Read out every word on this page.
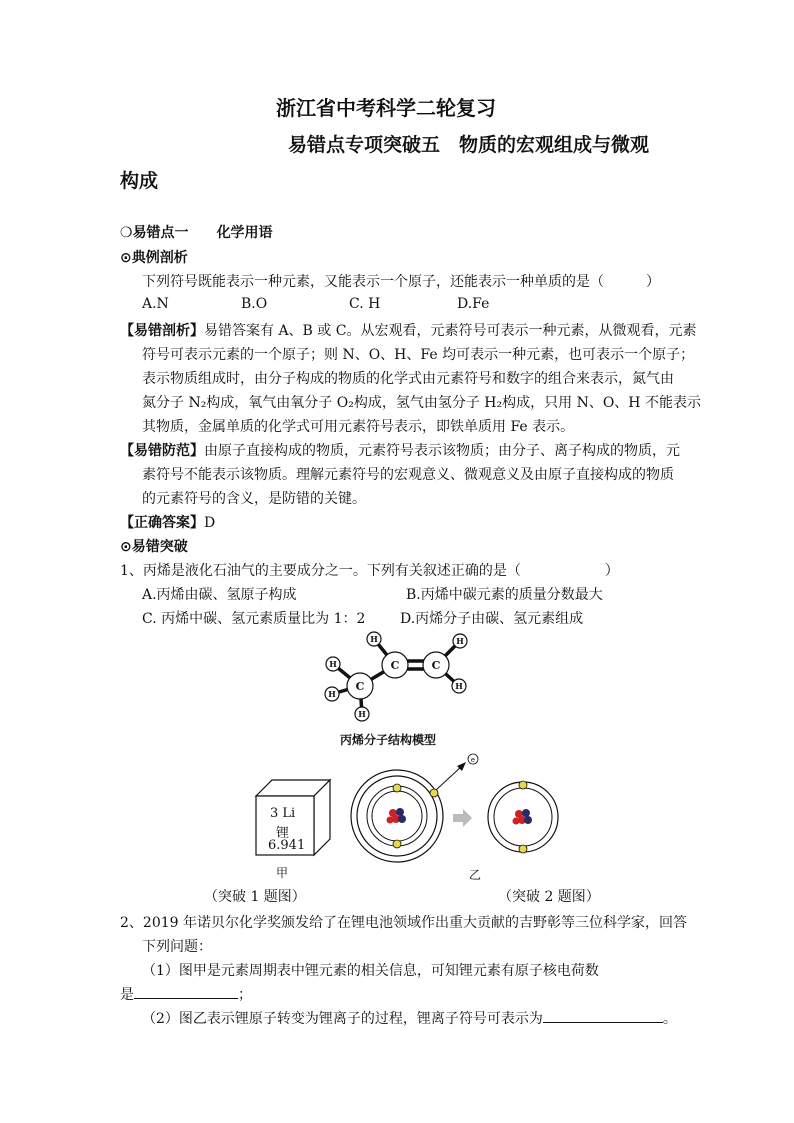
浙江省中考科学二轮复习
易错点专项突破五　物质的宏观组成与微观
构成
❍易错点一 化学用语
⊙典例剖析
下列符号既能表示一种元素，又能表示一个原子，还能表示一种单质的是（　　　）
A.N	B.O	C. H	D.Fe
【易错剖析】易错答案有 A、B 或 C。从宏观看，元素符号可表示一种元素，从微观看，元素
符号可表示元素的一个原子；则 N、O、H、Fe 均可表示一种元素，也可表示一个原子；
表示物质组成时，由分子构成的物质的化学式由元素符号和数字的组合来表示，氮气由
氮分子 N₂构成，氧气由氧分子 O₂构成，氢气由氢分子 H₂构成，只用 N、O、H 不能表示
其物质，金属单质的化学式可用元素符号表示，即铁单质用 Fe 表示。
【易错防范】由原子直接构成的物质，元素符号表示该物质；由分子、离子构成的物质，元
素符号不能表示该物质。理解元素符号的宏观意义、微观意义及由原子直接构成的物质
的元素符号的含义，是防错的关键。
【正确答案】D
⊙易错突破
1、丙烯是液化石油气的主要成分之一。下列有关叙述正确的是（　　　　　　）
A.丙烯由碳、氢原子构成	B.丙烯中碳元素的质量分数最大
C. 丙烯中碳、氢元素质量比为 1：2 D.丙烯分子由碳、氢元素组成
C
C	C
H
H
H
H	H
H
丙烯分子结构模型
3 Li
锂
6.941
甲
e
乙
（突破 1 题图）	（突破 2 题图）
2、2019 年诺贝尔化学奖颁发给了在锂电池领域作出重大贡献的吉野彰等三位科学家，回答
下列问题：
（1）图甲是元素周期表中锂元素的相关信息，可知锂元素有原子核电荷数
是	；
（2）图乙表示锂原子转变为锂离子的过程，锂离子符号可表示为	。
